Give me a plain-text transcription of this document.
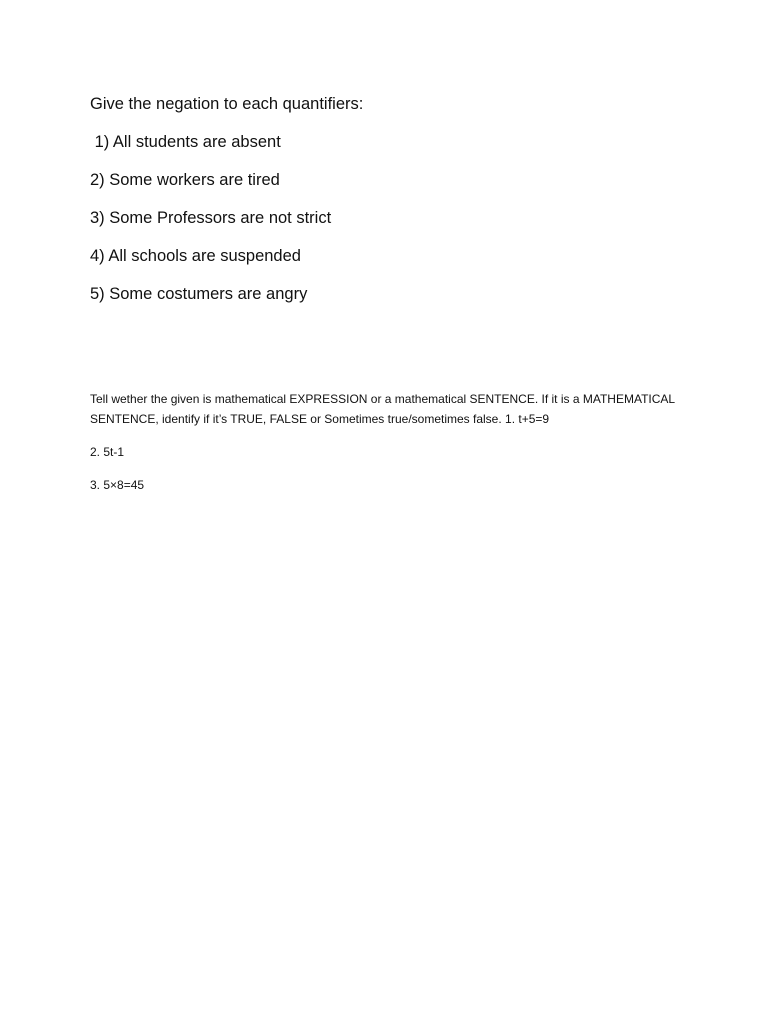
Give the negation to each quantifiers:

1) All students are absent

2) Some workers are tired

3) Some Professors are not strict

4) All schools are suspended

5) Some costumers are angry

Tell wether the given is mathematical EXPRESSION or a mathematical SENTENCE. If it is a MATHEMATICAL SENTENCE, identify if it’s TRUE, FALSE or Sometimes true/sometimes false. 1. t+5=9

2. 5t-1

3. 5×8=45
